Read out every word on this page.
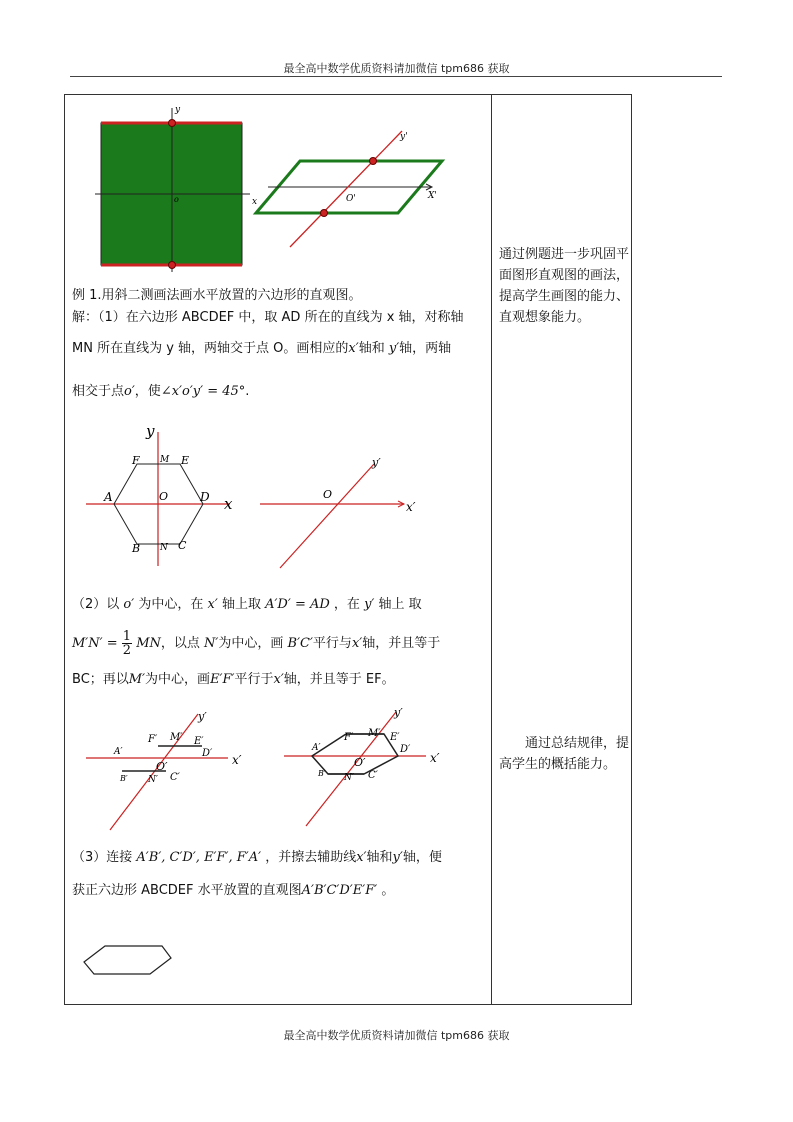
最全高中数学优质资料请加微信 tpm686 获取
y
x
o
y'
X'
O'
例 1.用斜二测画法画水平放置的六边形的直观图。
解：（1）在六边形 ABCDEF 中，取 AD 所在的直线为 x 轴，对称轴
MN 所在直线为 y 轴，两轴交于点 O。画相应的x′轴和 y′轴，两轴
相交于点o′，使∠x′o′y′ = 45°.
y
x
F M E
A	O	D
B N C
y′
x′
O
（2）以 o′ 为中心，在 x′ 轴上取 A′D′ = AD ，在 y′ 轴上 取
$M'N' = \frac{1}{2}$ MN，以点 N′为中心，画 B′C′平行与x′轴，并且等于
BC；再以M′为中心，画E′F′平行于x′轴，并且等于 EF。
y′
x′
F′ M′ E′
A′	D′
O′
B′ N′ C′
y′
x′
F′ M′ E′
A′	D′
O′
B′ N′ C′
（3）连接 A′B′, C′D′, E′F′, F′A′ ，并擦去辅助线x′轴和y′轴，便
获正六边形 ABCDEF 水平放置的直观图A′B′C′D′E′F′ 。
通过例题进一步巩固平面图形直观图的画法，提高学生画图的能力、直观想象能力。
　　通过总结规律，提高学生的概括能力。
最全高中数学优质资料请加微信 tpm686 获取
